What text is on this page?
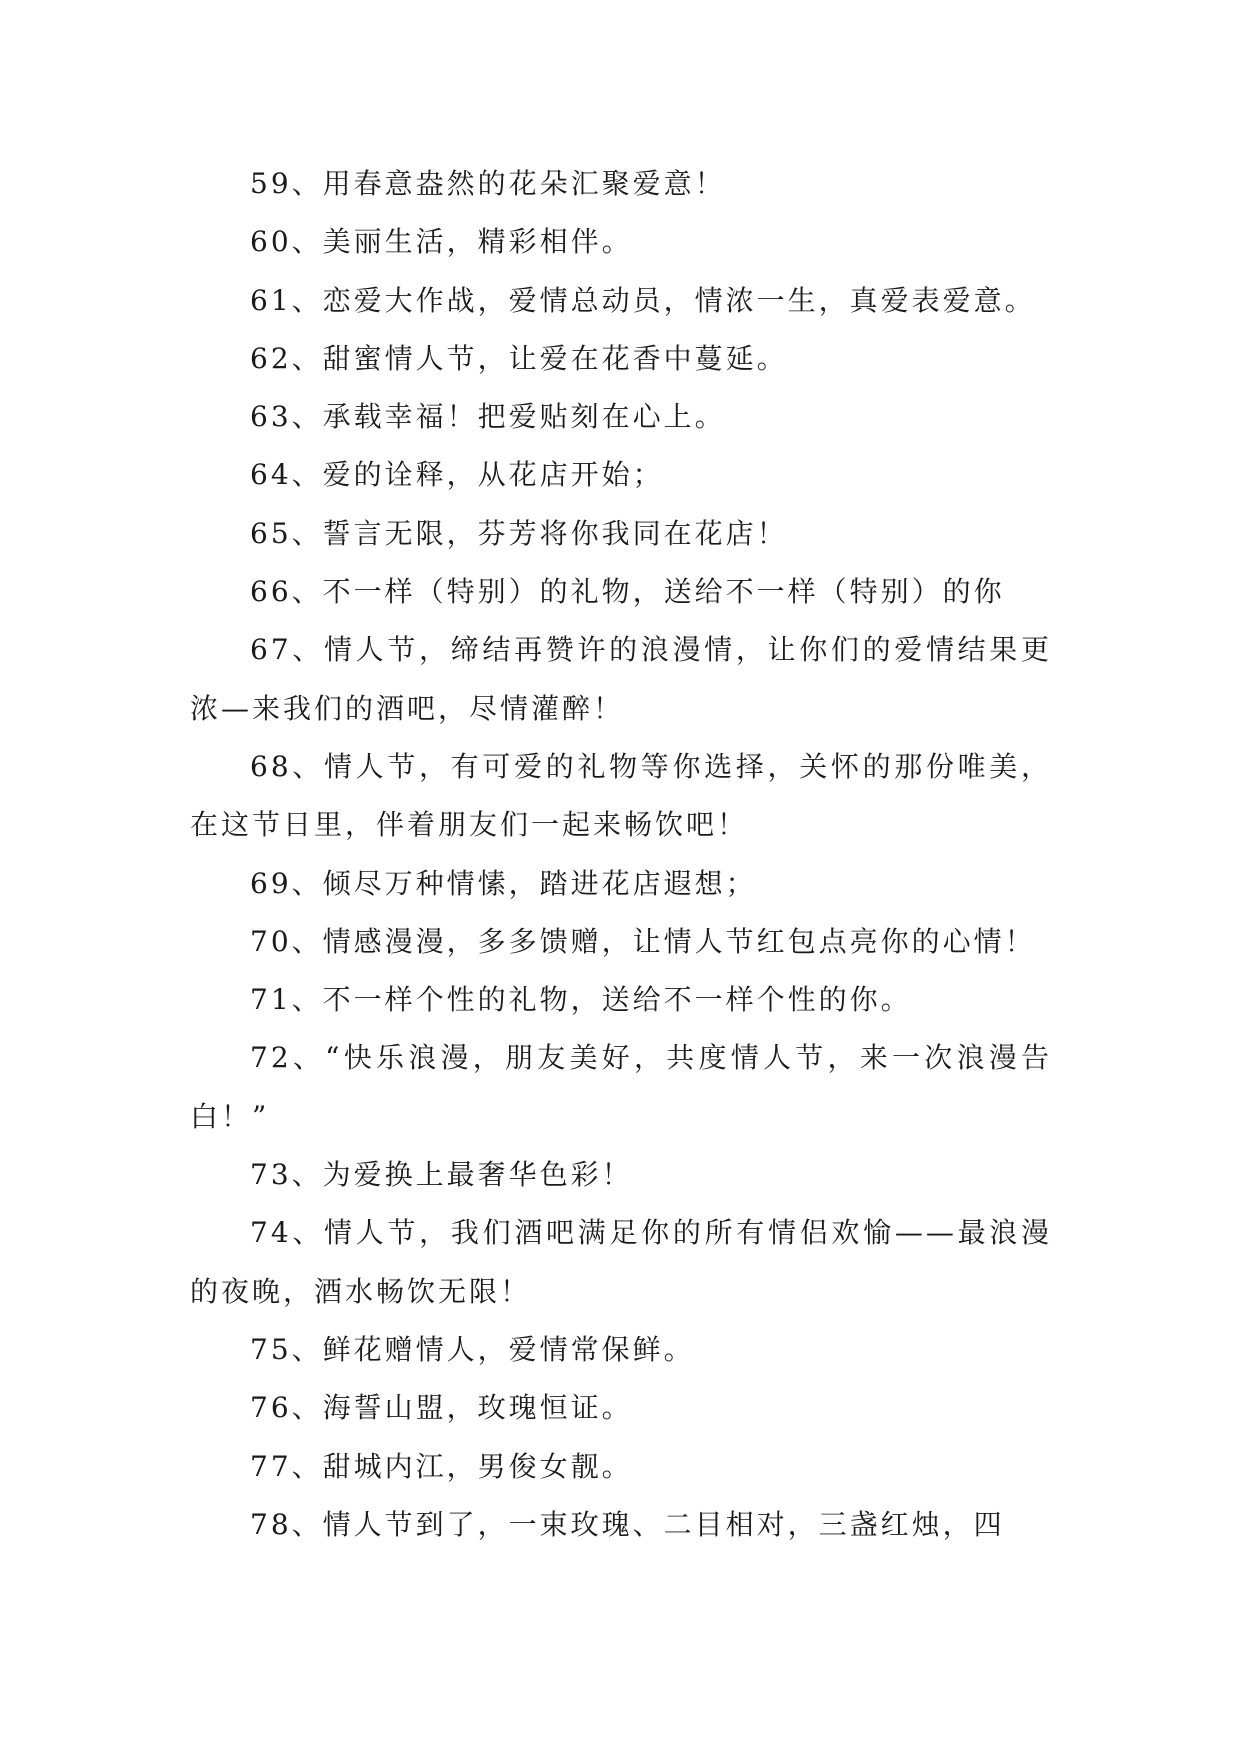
59、用春意盎然的花朵汇聚爱意！

60、美丽生活，精彩相伴。

61、恋爱大作战，爱情总动员，情浓一生，真爱表爱意。

62、甜蜜情人节，让爱在花香中蔓延。

63、承载幸福！把爱贴刻在心上。

64、爱的诠释，从花店开始；

65、誓言无限，芬芳将你我同在花店！

66、不一样（特别）的礼物，送给不一样（特别）的你

67、情人节，缔结再赞许的浪漫情，让你们的爱情结果更浓—来我们的酒吧，尽情灌醉！

68、情人节，有可爱的礼物等你选择，关怀的那份唯美，在这节日里，伴着朋友们一起来畅饮吧！

69、倾尽万种情愫，踏进花店遐想；

70、情感漫漫，多多馈赠，让情人节红包点亮你的心情！

71、不一样个性的礼物，送给不一样个性的你。

72、“快乐浪漫，朋友美好，共度情人节，来一次浪漫告白！”

73、为爱换上最奢华色彩！

74、情人节，我们酒吧满足你的所有情侣欢愉——最浪漫的夜晚，酒水畅饮无限！

75、鲜花赠情人，爱情常保鲜。

76、海誓山盟，玫瑰恒证。

77、甜城内江，男俊女靓。

78、情人节到了，一束玫瑰、二目相对，三盏红烛，四
